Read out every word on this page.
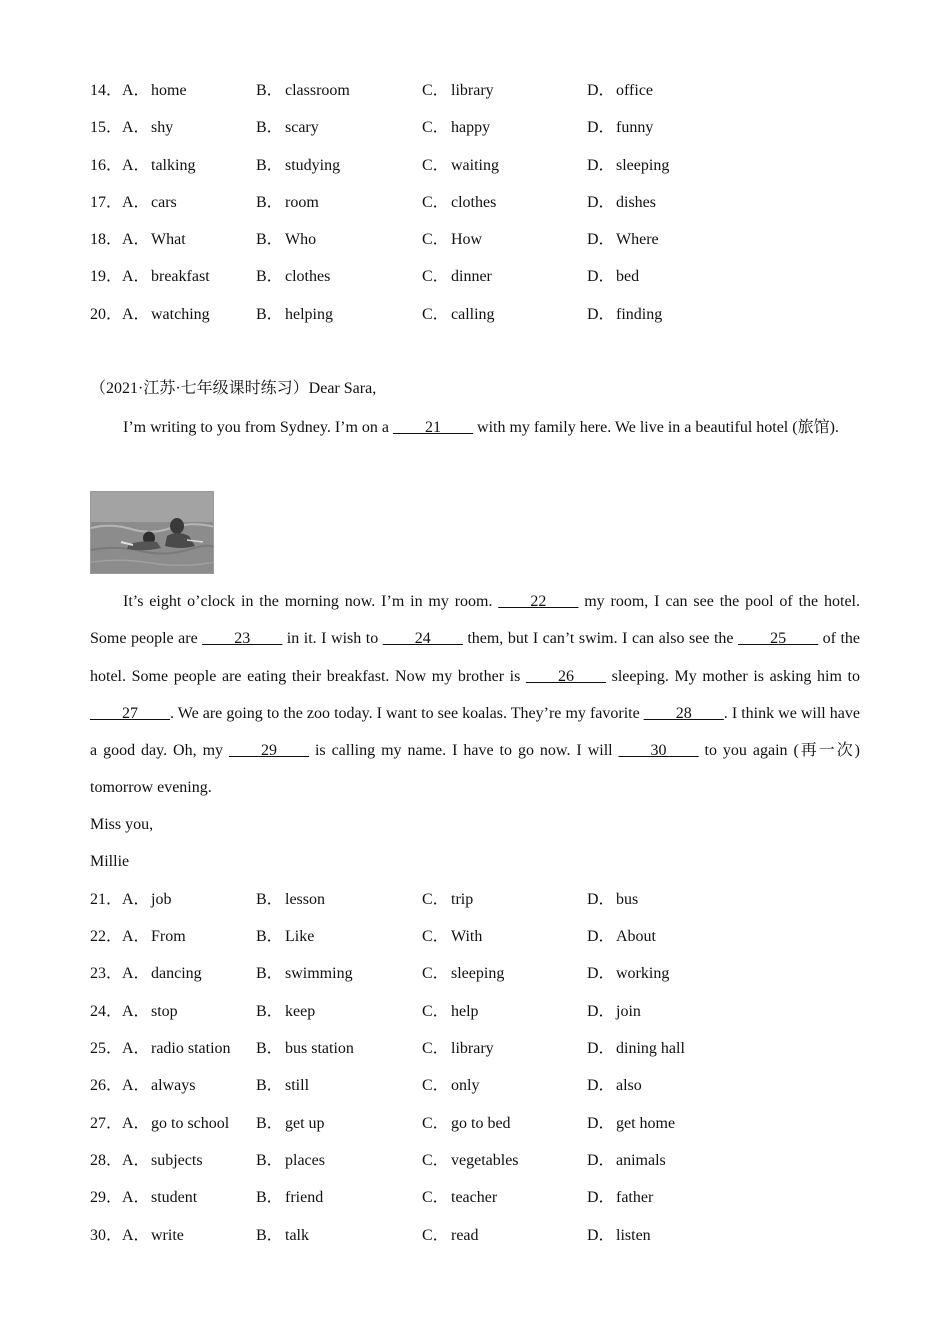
14． A．home	B． classroom	C． library	D．office
15． A．shy	B． scary	C． happy	D．funny
16． A．talking	B． studying	C． waiting	D．sleeping
17． A．cars	B． room	C． clothes	D．dishes
18． A．What	B． Who	C． How	D．Where
19． A．breakfast	B． clothes	C． dinner	D．bed
20． A．watching	B． helping	C． calling	D．finding
（2021·江苏·七年级课时练习）Dear Sara,
I’m writing to you from Sydney. I’m on a ____21____ with my family here. We live in a beautiful hotel (旅馆).
It’s eight o’clock in the morning now. I’m in my room. ____22____ my room, I can see the pool of the hotel. Some people are ____23____ in it. I wish to ____24____ them, but I can’t swim. I can also see the ____25____ of the hotel. Some people are eating their breakfast. Now my brother is ____26____ sleeping. My mother is asking him to ____27____. We are going to the zoo today. I want to see koalas. They’re my favorite ____28____. I think we will have a good day. Oh, my ____29____ is calling my name. I have to go now. I will ____30____ to you again (再一次) tomorrow evening.
Miss you,
Millie
21． A．job	B． lesson	C． trip	D．bus
22． A．From	B． Like	C． With	D．About
23． A．dancing	B． swimming	C． sleeping	D．working
24． A．stop	B． keep	C． help	D．join
25． A．radio station B． bus station	C． library	D．dining hall
26． A．always	B． still	C． only	D．also
27． A．go to school B． get up	C． go to bed	D．get home
28． A．subjects	B． places	C． vegetables	D．animals
29． A．student	B． friend	C． teacher	D．father
30． A．write	B． talk	C． read	D．listen
